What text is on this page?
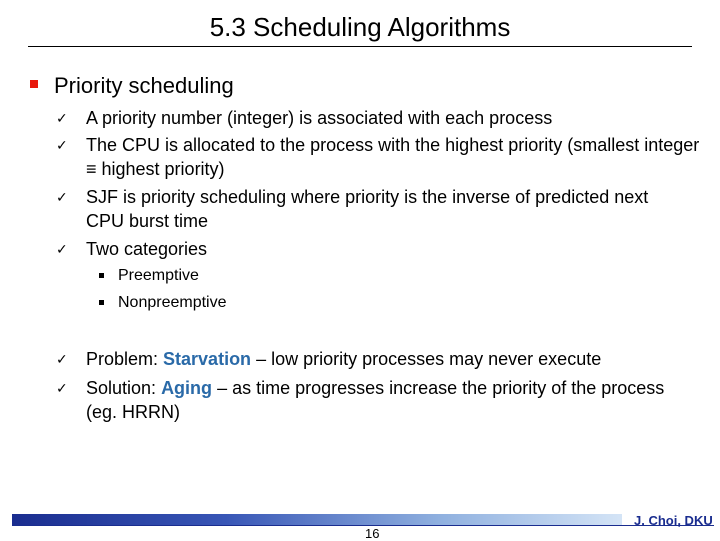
5.3 Scheduling Algorithms
Priority scheduling
✓ A priority number (integer) is associated with each process
✓ The CPU is allocated to the process with the highest priority (smallest integer ≡ highest priority)
✓ SJF is priority scheduling where priority is the inverse of predicted next CPU burst time
✓ Two categories
Preemptive
Nonpreemptive
✓ Problem: Starvation – low priority processes may never execute
✓ Solution: Aging – as time progresses increase the priority of the process (eg. HRRN)
16
J. Choi, DKU
